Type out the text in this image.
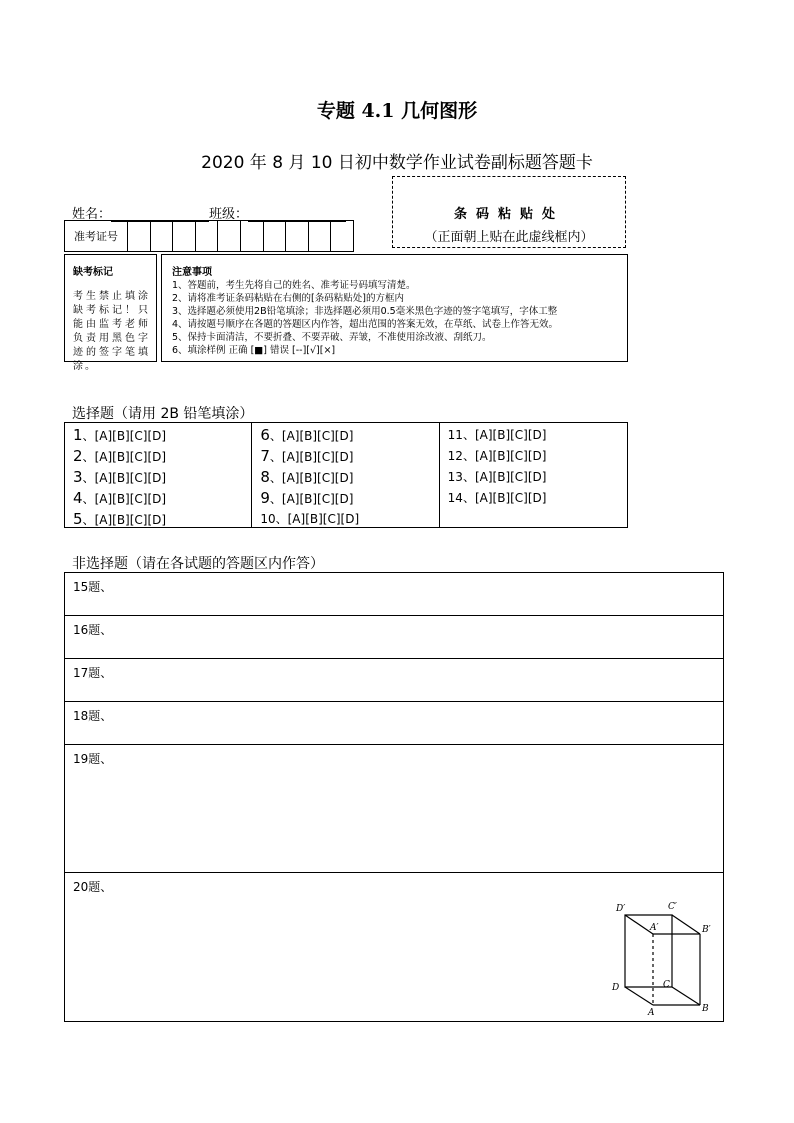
专题 4.1 几何图形
2020 年 8 月 10 日初中数学作业试卷副标题答题卡
姓名：	班级：	条码粘贴处
（正面朝上贴在此虚线框内）
准考证号
缺考标记
考生禁止填涂缺考标记！只能由监考老师负责用黑色字迹的签字笔填涂。
注意事项
1、答题前，考生先将自己的姓名、准考证号码填写清楚。
2、请将准考证条码粘贴在右侧的[条码粘贴处]的方框内
3、选择题必须使用2B铅笔填涂；非选择题必须用0.5毫米黑色字迹的签字笔填写，字体工整
4、请按题号顺序在各题的答题区内作答，超出范围的答案无效，在草纸、试卷上作答无效。
5、保持卡面清洁，不要折叠、不要弄破、弄皱，不准使用涂改液、刮纸刀。
6、填涂样例 正确 [■] 错误 [--][√][×]
选择题（请用 2B 铅笔填涂）
1、[A][B][C][D]
2、[A][B][C][D]
3、[A][B][C][D]
4、[A][B][C][D]
5、[A][B][C][D]
6、[A][B][C][D]
7、[A][B][C][D]
8、[A][B][C][D]
9、[A][B][C][D]
10、[A][B][C][D]
11、[A][B][C][D]
12、[A][B][C][D]
13、[A][B][C][D]
14、[A][B][C][D]
非选择题（请在各试题的答题区内作答）
15题、
16题、
17题、
18题、
19题、
20题、
D′	C′
A′	B′
D	C
A	B
